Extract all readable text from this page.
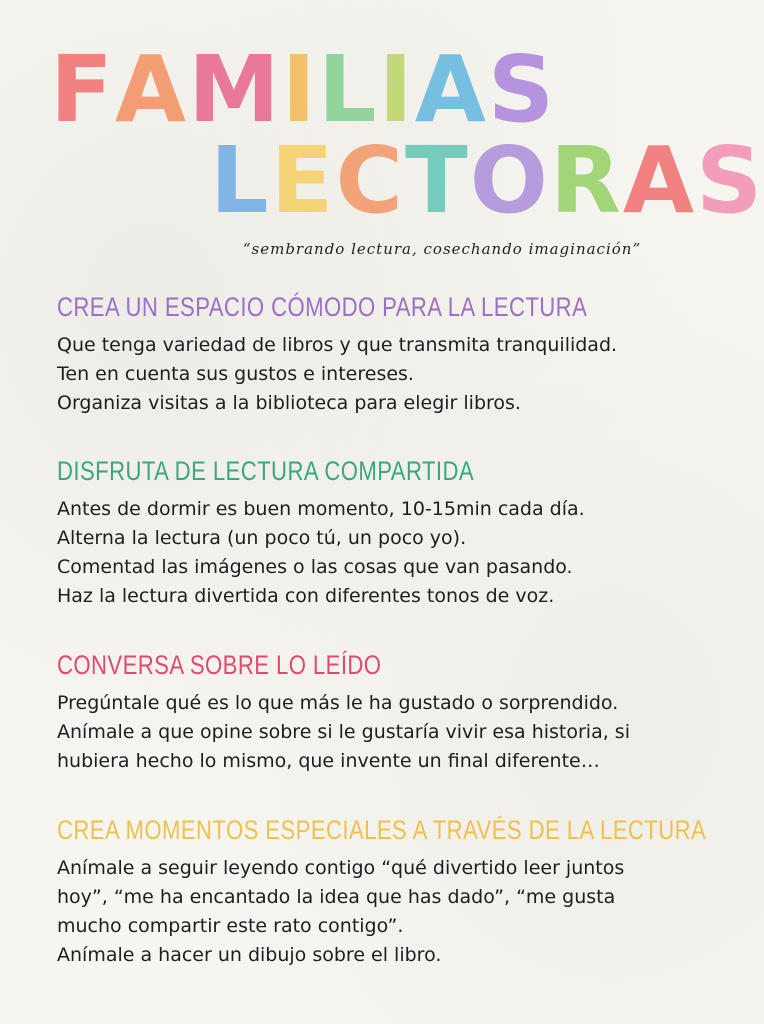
F A M I L I A S
L E C T O R A S
“sembrando lectura, cosechando imaginación”
CREA UN ESPACIO CÓMODO PARA LA LECTURA

Que tenga variedad de libros y que transmita tranquilidad.
Ten en cuenta sus gustos e intereses.
Organiza visitas a la biblioteca para elegir libros.

DISFRUTA DE LECTURA COMPARTIDA

Antes de dormir es buen momento, 10-15min cada día.
Alterna la lectura (un poco tú, un poco yo).
Comentad las imágenes o las cosas que van pasando.
Haz la lectura divertida con diferentes tonos de voz.

CONVERSA SOBRE LO LEÍDO

Pregúntale qué es lo que más le ha gustado o sorprendido.
Anímale a que opine sobre si le gustaría vivir esa historia, si
hubiera hecho lo mismo, que invente un final diferente…

CREA MOMENTOS ESPECIALES A TRAVÉS DE LA LECTURA

Anímale a seguir leyendo contigo “qué divertido leer juntos
hoy”, “me ha encantado la idea que has dado”, “me gusta
mucho compartir este rato contigo”.
Anímale a hacer un dibujo sobre el libro.
